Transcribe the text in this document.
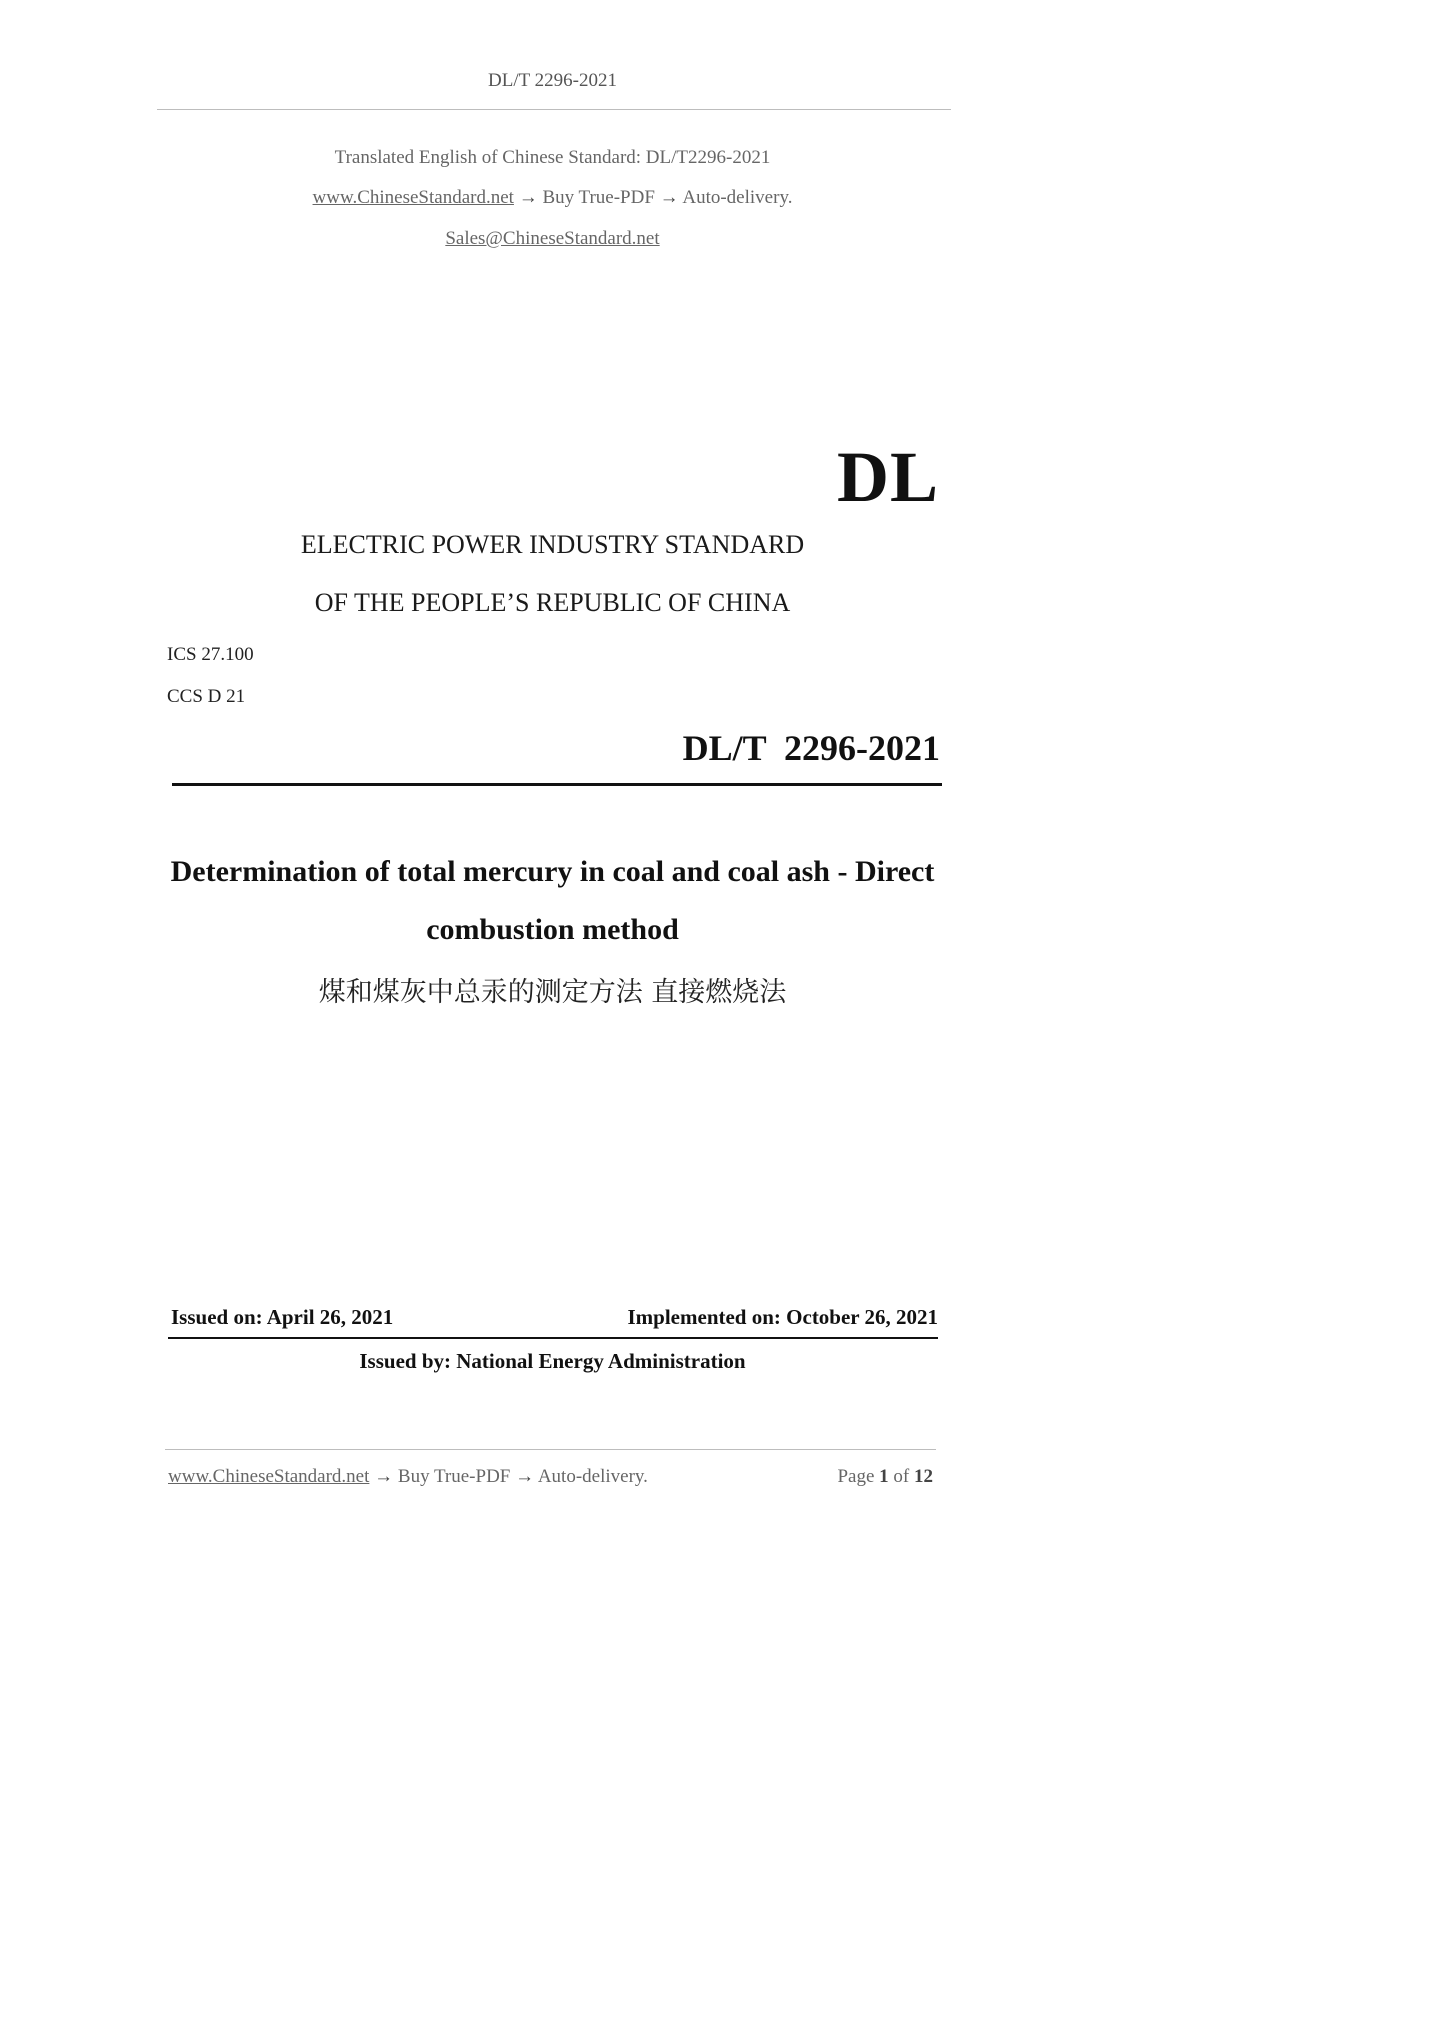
DL/T 2296-2021
Translated English of Chinese Standard: DL/T2296-2021
www.ChineseStandard.net → Buy True-PDF → Auto-delivery.
Sales@ChineseStandard.net
DL
ELECTRIC POWER INDUSTRY STANDARD
OF THE PEOPLE’S REPUBLIC OF CHINA
ICS 27.100
CCS D 21
DL/T  2296-2021
Determination of total mercury in coal and coal ash - Direct
combustion method
煤和煤灰中总汞的测定方法 直接燃烧法
Issued on: April 26, 2021	Implemented on: October 26, 2021
Issued by: National Energy Administration
www.ChineseStandard.net → Buy True-PDF → Auto-delivery.	Page 1 of 12
